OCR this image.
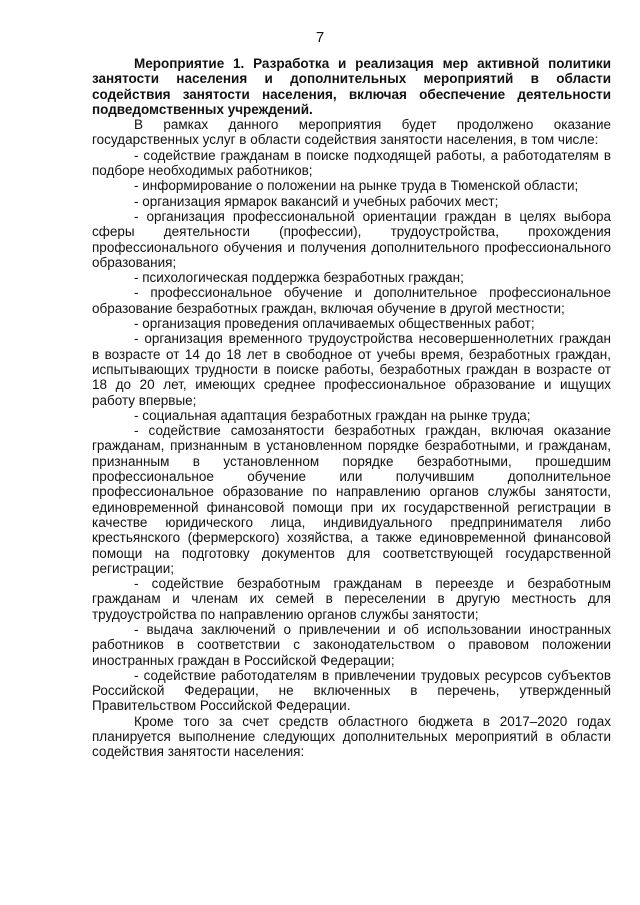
7

Мероприятие 1. Разработка и реализация мер активной политики занятости населения и дополнительных мероприятий в области содействия занятости населения, включая обеспечение деятельности подведомственных учреждений.

В рамках данного мероприятия будет продолжено оказание государственных услуг в области содействия занятости населения, в том числе:

- содействие гражданам в поиске подходящей работы, а работодателям в подборе необходимых работников;
- информирование о положении на рынке труда в Тюменской области;
- организация ярмарок вакансий и учебных рабочих мест;
- организация профессиональной ориентации граждан в целях выбора сферы деятельности (профессии), трудоустройства, прохождения профессионального обучения и получения дополнительного профессионального образования;
- психологическая поддержка безработных граждан;
- профессиональное обучение и дополнительное профессиональное образование безработных граждан, включая обучение в другой местности;
- организация проведения оплачиваемых общественных работ;
- организация временного трудоустройства несовершеннолетних граждан в возрасте от 14 до 18 лет в свободное от учебы время, безработных граждан, испытывающих трудности в поиске работы, безработных граждан в возрасте от 18 до 20 лет, имеющих среднее профессиональное образование и ищущих работу впервые;
- социальная адаптация безработных граждан на рынке труда;
- содействие самозанятости безработных граждан, включая оказание гражданам, признанным в установленном порядке безработными, и гражданам, признанным в установленном порядке безработными, прошедшим профессиональное обучение или получившим дополнительное профессиональное образование по направлению органов службы занятости, единовременной финансовой помощи при их государственной регистрации в качестве юридического лица, индивидуального предпринимателя либо крестьянского (фермерского) хозяйства, а также единовременной финансовой помощи на подготовку документов для соответствующей государственной регистрации;
- содействие безработным гражданам в переезде и безработным гражданам и членам их семей в переселении в другую местность для трудоустройства по направлению органов службы занятости;
- выдача заключений о привлечении и об использовании иностранных работников в соответствии с законодательством о правовом положении иностранных граждан в Российской Федерации;
- содействие работодателям в привлечении трудовых ресурсов субъектов Российской Федерации, не включенных в перечень, утвержденный Правительством Российской Федерации.

Кроме того за счет средств областного бюджета в 2017–2020 годах планируется выполнение следующих дополнительных мероприятий в области содействия занятости населения:
